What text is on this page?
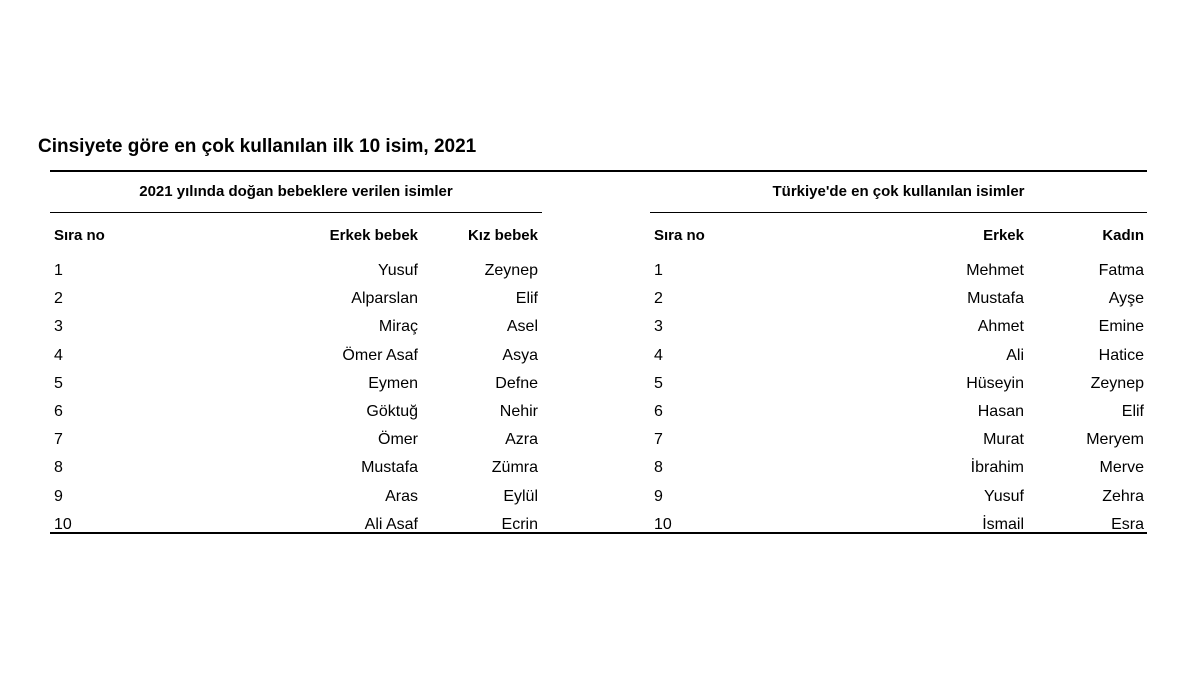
Cinsiyete göre en çok kullanılan ilk 10 isim, 2021
2021 yılında doğan bebeklere verilen isimler
Sıra no	Erkek bebek	Kız bebek
1	Yusuf	Zeynep
2	Alparslan	Elif
3	Miraç	Asel
4	Ömer Asaf	Asya
5	Eymen	Defne
6	Göktuğ	Nehir
7	Ömer	Azra
8	Mustafa	Zümra
9	Aras	Eylül
10	Ali Asaf	Ecrin
Türkiye'de en çok kullanılan isimler
Sıra no	Erkek	Kadın
1	Mehmet	Fatma
2	Mustafa	Ayşe
3	Ahmet	Emine
4	Ali	Hatice
5	Hüseyin	Zeynep
6	Hasan	Elif
7	Murat	Meryem
8	İbrahim	Merve
9	Yusuf	Zehra
10	İsmail	Esra
